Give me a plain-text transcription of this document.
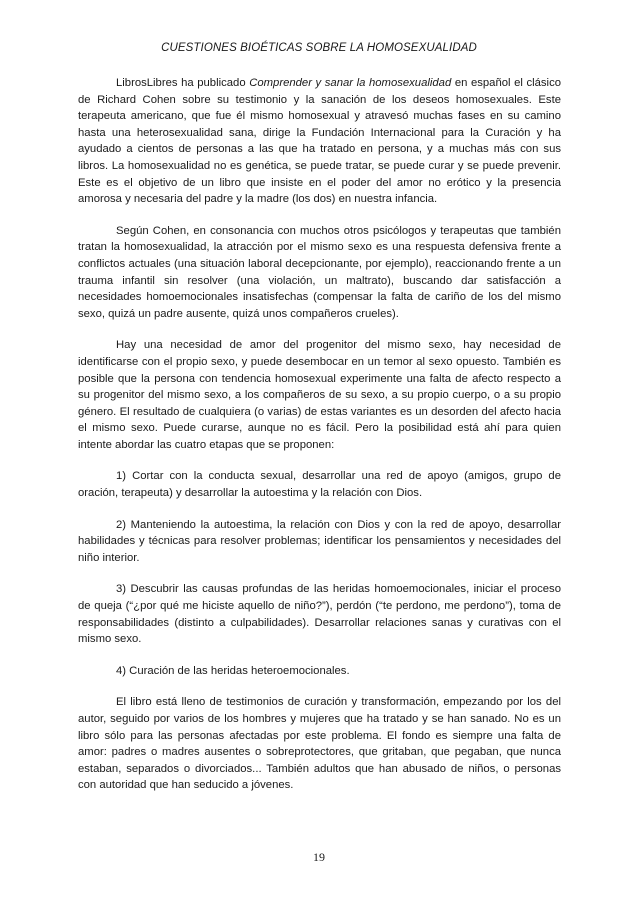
CUESTIONES BIOÉTICAS SOBRE LA HOMOSEXUALIDAD

LibrosLibres ha publicado Comprender y sanar la homosexualidad en español el clásico de Richard Cohen sobre su testimonio y la sanación de los deseos homosexuales. Este terapeuta americano, que fue él mismo homosexual y atravesó muchas fases en su camino hasta una heterosexualidad sana, dirige la Fundación Internacional para la Curación y ha ayudado a cientos de personas a las que ha tratado en persona, y a muchas más con sus libros. La homosexualidad no es genética, se puede tratar, se puede curar y se puede prevenir. Este es el objetivo de un libro que insiste en el poder del amor no erótico y la presencia amorosa y necesaria del padre y la madre (los dos) en nuestra infancia.

Según Cohen, en consonancia con muchos otros psicólogos y terapeutas que también tratan la homosexualidad, la atracción por el mismo sexo es una respuesta defensiva frente a conflictos actuales (una situación laboral decepcionante, por ejemplo), reaccionando frente a un trauma infantil sin resolver (una violación, un maltrato), buscando dar satisfacción a necesidades homoemocionales insatisfechas (compensar la falta de cariño de los del mismo sexo, quizá un padre ausente, quizá unos compañeros crueles).

Hay una necesidad de amor del progenitor del mismo sexo, hay necesidad de identificarse con el propio sexo, y puede desembocar en un temor al sexo opuesto. También es posible que la persona con tendencia homosexual experimente una falta de afecto respecto a su progenitor del mismo sexo, a los compañeros de su sexo, a su propio cuerpo, o a su propio género. El resultado de cualquiera (o varias) de estas variantes es un desorden del afecto hacia el mismo sexo. Puede curarse, aunque no es fácil. Pero la posibilidad está ahí para quien intente abordar las cuatro etapas que se proponen:

1) Cortar con la conducta sexual, desarrollar una red de apoyo (amigos, grupo de oración, terapeuta) y desarrollar la autoestima y la relación con Dios.

2) Manteniendo la autoestima, la relación con Dios y con la red de apoyo, desarrollar habilidades y técnicas para resolver problemas; identificar los pensamientos y necesidades del niño interior.

3) Descubrir las causas profundas de las heridas homoemocionales, iniciar el proceso de queja (“¿por qué me hiciste aquello de niño?”), perdón (“te perdono, me perdono”), toma de responsabilidades (distinto a culpabilidades). Desarrollar relaciones sanas y curativas con el mismo sexo.

4) Curación de las heridas heteroemocionales.

El libro está lleno de testimonios de curación y transformación, empezando por los del autor, seguido por varios de los hombres y mujeres que ha tratado y se han sanado. No es un libro sólo para las personas afectadas por este problema. El fondo es siempre una falta de amor: padres o madres ausentes o sobreprotectores, que gritaban, que pegaban, que nunca estaban, separados o divorciados... También adultos que han abusado de niños, o personas con autoridad que han seducido a jóvenes.

19
